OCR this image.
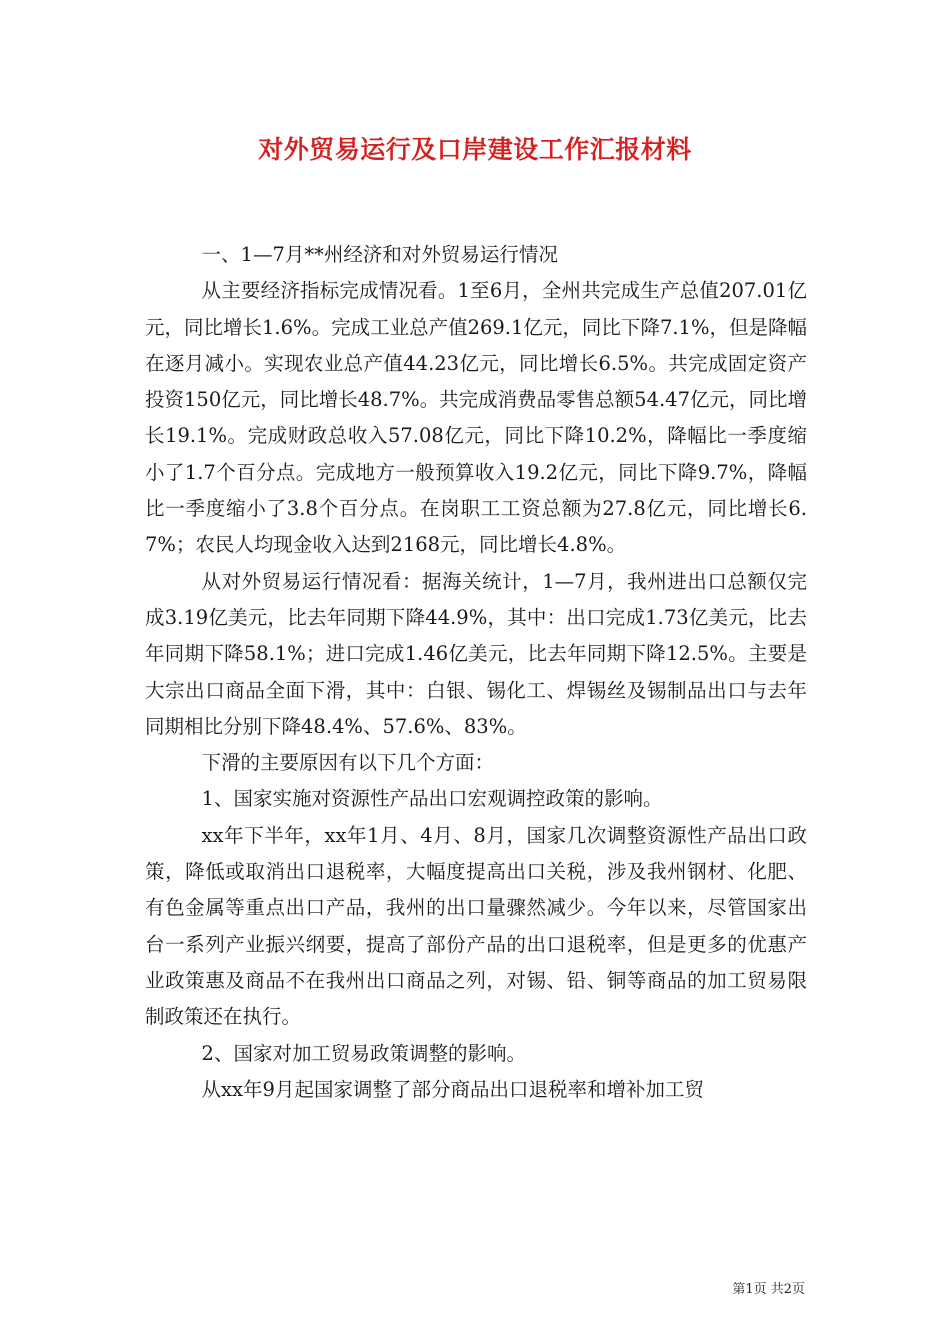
对外贸易运行及口岸建设工作汇报材料

一、1—7月**州经济和对外贸易运行情况

从主要经济指标完成情况看。1至6月，全州共完成生产总值207.01亿元，同比增长1.6%。完成工业总产值269.1亿元，同比下降7.1%，但是降幅在逐月减小。实现农业总产值44.23亿元，同比增长6.5%。共完成固定资产投资150亿元，同比增长48.7%。共完成消费品零售总额54.47亿元，同比增长19.1%。完成财政总收入57.08亿元，同比下降10.2%，降幅比一季度缩小了1.7个百分点。完成地方一般预算收入19.2亿元，同比下降9.7%，降幅比一季度缩小了3.8个百分点。在岗职工工资总额为27.8亿元，同比增长6.7%；农民人均现金收入达到2168元，同比增长4.8%。

从对外贸易运行情况看：据海关统计，1—7月，我州进出口总额仅完成3.19亿美元，比去年同期下降44.9%，其中：出口完成1.73亿美元，比去年同期下降58.1%；进口完成1.46亿美元，比去年同期下降12.5%。主要是大宗出口商品全面下滑，其中：白银、锡化工、焊锡丝及锡制品出口与去年同期相比分别下降48.4%、57.6%、83%。

下滑的主要原因有以下几个方面：

1、国家实施对资源性产品出口宏观调控政策的影响。

xx年下半年，xx年1月、4月、8月，国家几次调整资源性产品出口政策，降低或取消出口退税率，大幅度提高出口关税，涉及我州钢材、化肥、有色金属等重点出口产品，我州的出口量骤然减少。今年以来，尽管国家出台一系列产业振兴纲要，提高了部份产品的出口退税率，但是更多的优惠产业政策惠及商品不在我州出口商品之列，对锡、铅、铜等商品的加工贸易限制政策还在执行。

2、国家对加工贸易政策调整的影响。

从xx年9月起国家调整了部分商品出口退税率和增补加工贸

第1页 共2页
